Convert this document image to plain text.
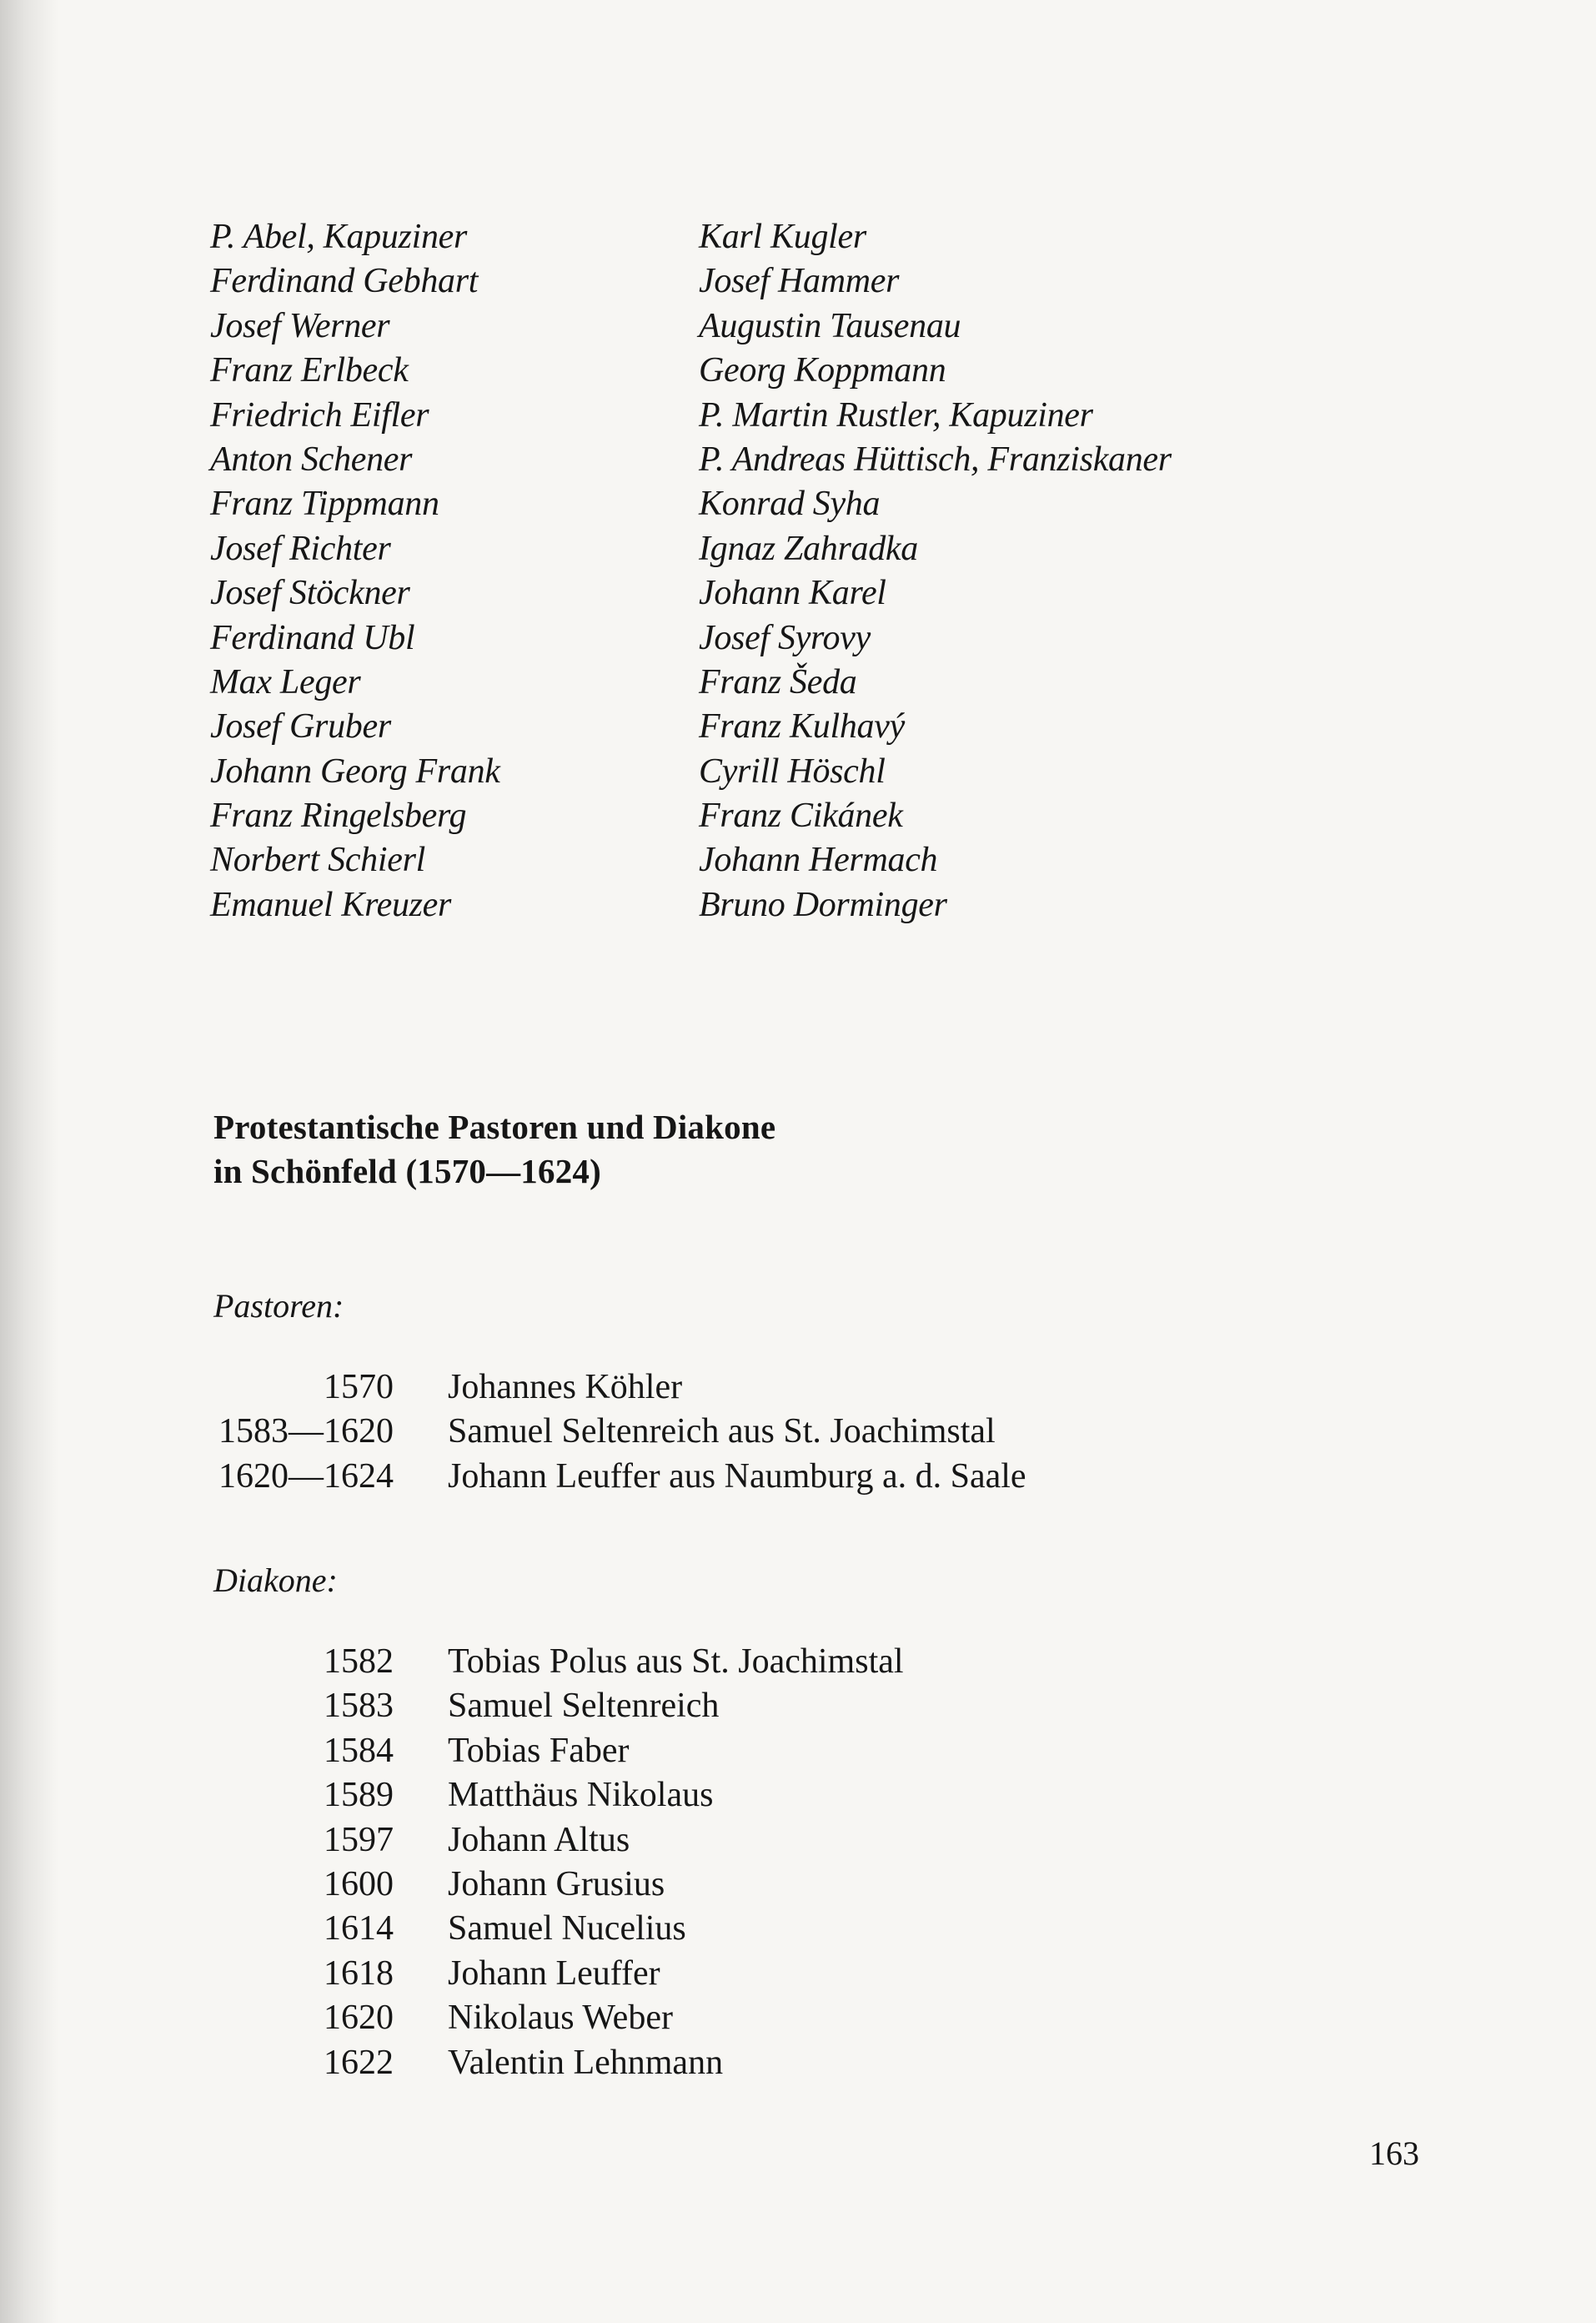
P. Abel, Kapuziner
Ferdinand Gebhart
Josef Werner
Franz Erlbeck
Friedrich Eifler
Anton Schener
Franz Tippmann
Josef Richter
Josef Stöckner
Ferdinand Ubl
Max Leger
Josef Gruber
Johann Georg Frank
Franz Ringelsberg
Norbert Schierl
Emanuel Kreuzer
Karl Kugler
Josef Hammer
Augustin Tausenau
Georg Koppmann
P. Martin Rustler, Kapuziner
P. Andreas Hüttisch, Franziskaner
Konrad Syha
Ignaz Zahradka
Johann Karel
Josef Syrovy
Franz Šeda
Franz Kulhavý
Cyrill Höschl
Franz Cikánek
Johann Hermach
Bruno Dorminger
Protestantische Pastoren und Diakone
in Schönfeld (1570—1624)
Pastoren:
1570 Johannes Köhler
1583—1620 Samuel Seltenreich aus St. Joachimstal
1620—1624 Johann Leuffer aus Naumburg a. d. Saale
Diakone:
1582 Tobias Polus aus St. Joachimstal
1583 Samuel Seltenreich
1584 Tobias Faber
1589 Matthäus Nikolaus
1597 Johann Altus
1600 Johann Grusius
1614 Samuel Nucelius
1618 Johann Leuffer
1620 Nikolaus Weber
1622 Valentin Lehnmann
163
